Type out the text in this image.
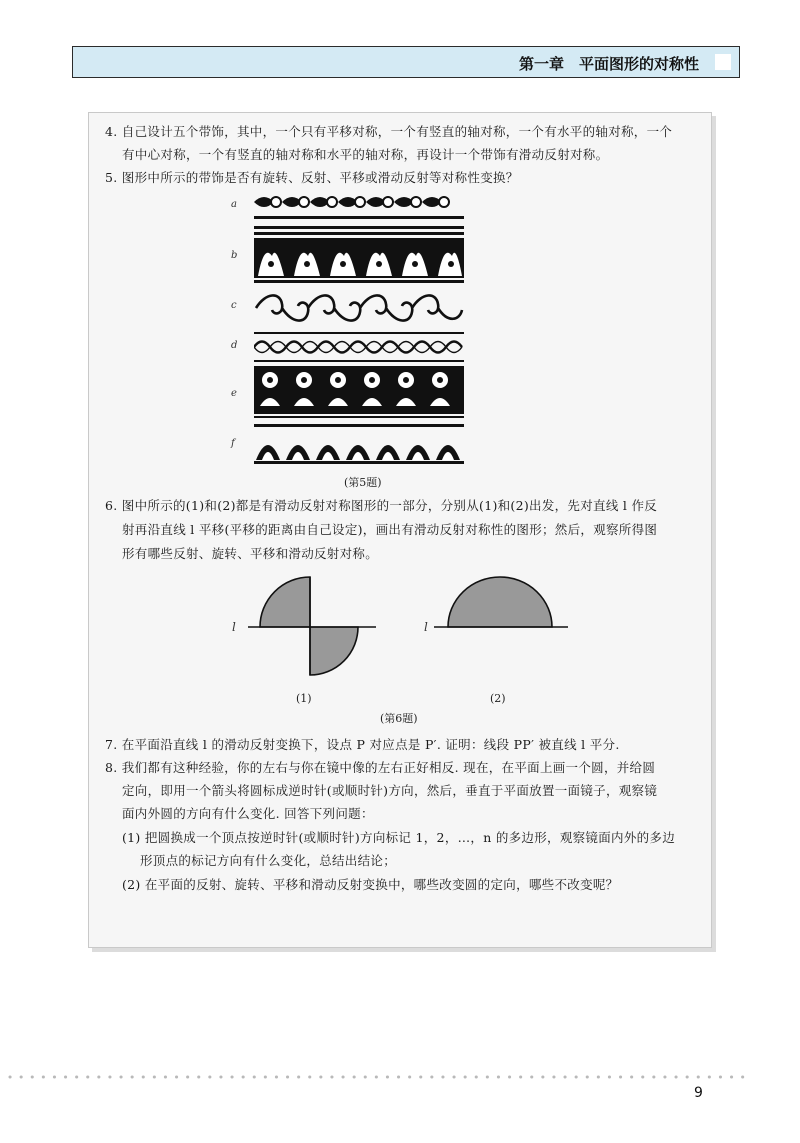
第一章　平面图形的对称性
4. 自己设计五个带饰，其中，一个只有平移对称，一个有竖直的轴对称，一个有水平的轴对称，一个
有中心对称，一个有竖直的轴对称和水平的轴对称，再设计一个带饰有滑动反射对称。
5. 图形中所示的带饰是否有旋转、反射、平移或滑动反射等对称性变换？
a
b
c
d
e
f
(第5题)
6. 图中所示的(1)和(2)都是有滑动反射对称图形的一部分，分别从(1)和(2)出发，先对直线 l 作反
射再沿直线 l 平移(平移的距离由自己设定)，画出有滑动反射对称性的图形；然后，观察所得图
形有哪些反射、旋转、平移和滑动反射对称。
l	l
(1)	(2)
(第6题)
7. 在平面沿直线 l 的滑动反射变换下，设点 P 对应点是 P′. 证明：线段 PP′ 被直线 l 平分.
8. 我们都有这种经验，你的左右与你在镜中像的左右正好相反. 现在，在平面上画一个圆，并给圆
定向，即用一个箭头将圆标成逆时针(或顺时针)方向，然后，垂直于平面放置一面镜子，观察镜
面内外圆的方向有什么变化. 回答下列问题：
(1) 把圆换成一个顶点按逆时针(或顺时针)方向标记 1，2，…，n 的多边形，观察镜面内外的多边
形顶点的标记方向有什么变化，总结出结论；
(2) 在平面的反射、旋转、平移和滑动反射变换中，哪些改变圆的定向，哪些不改变呢？
9
